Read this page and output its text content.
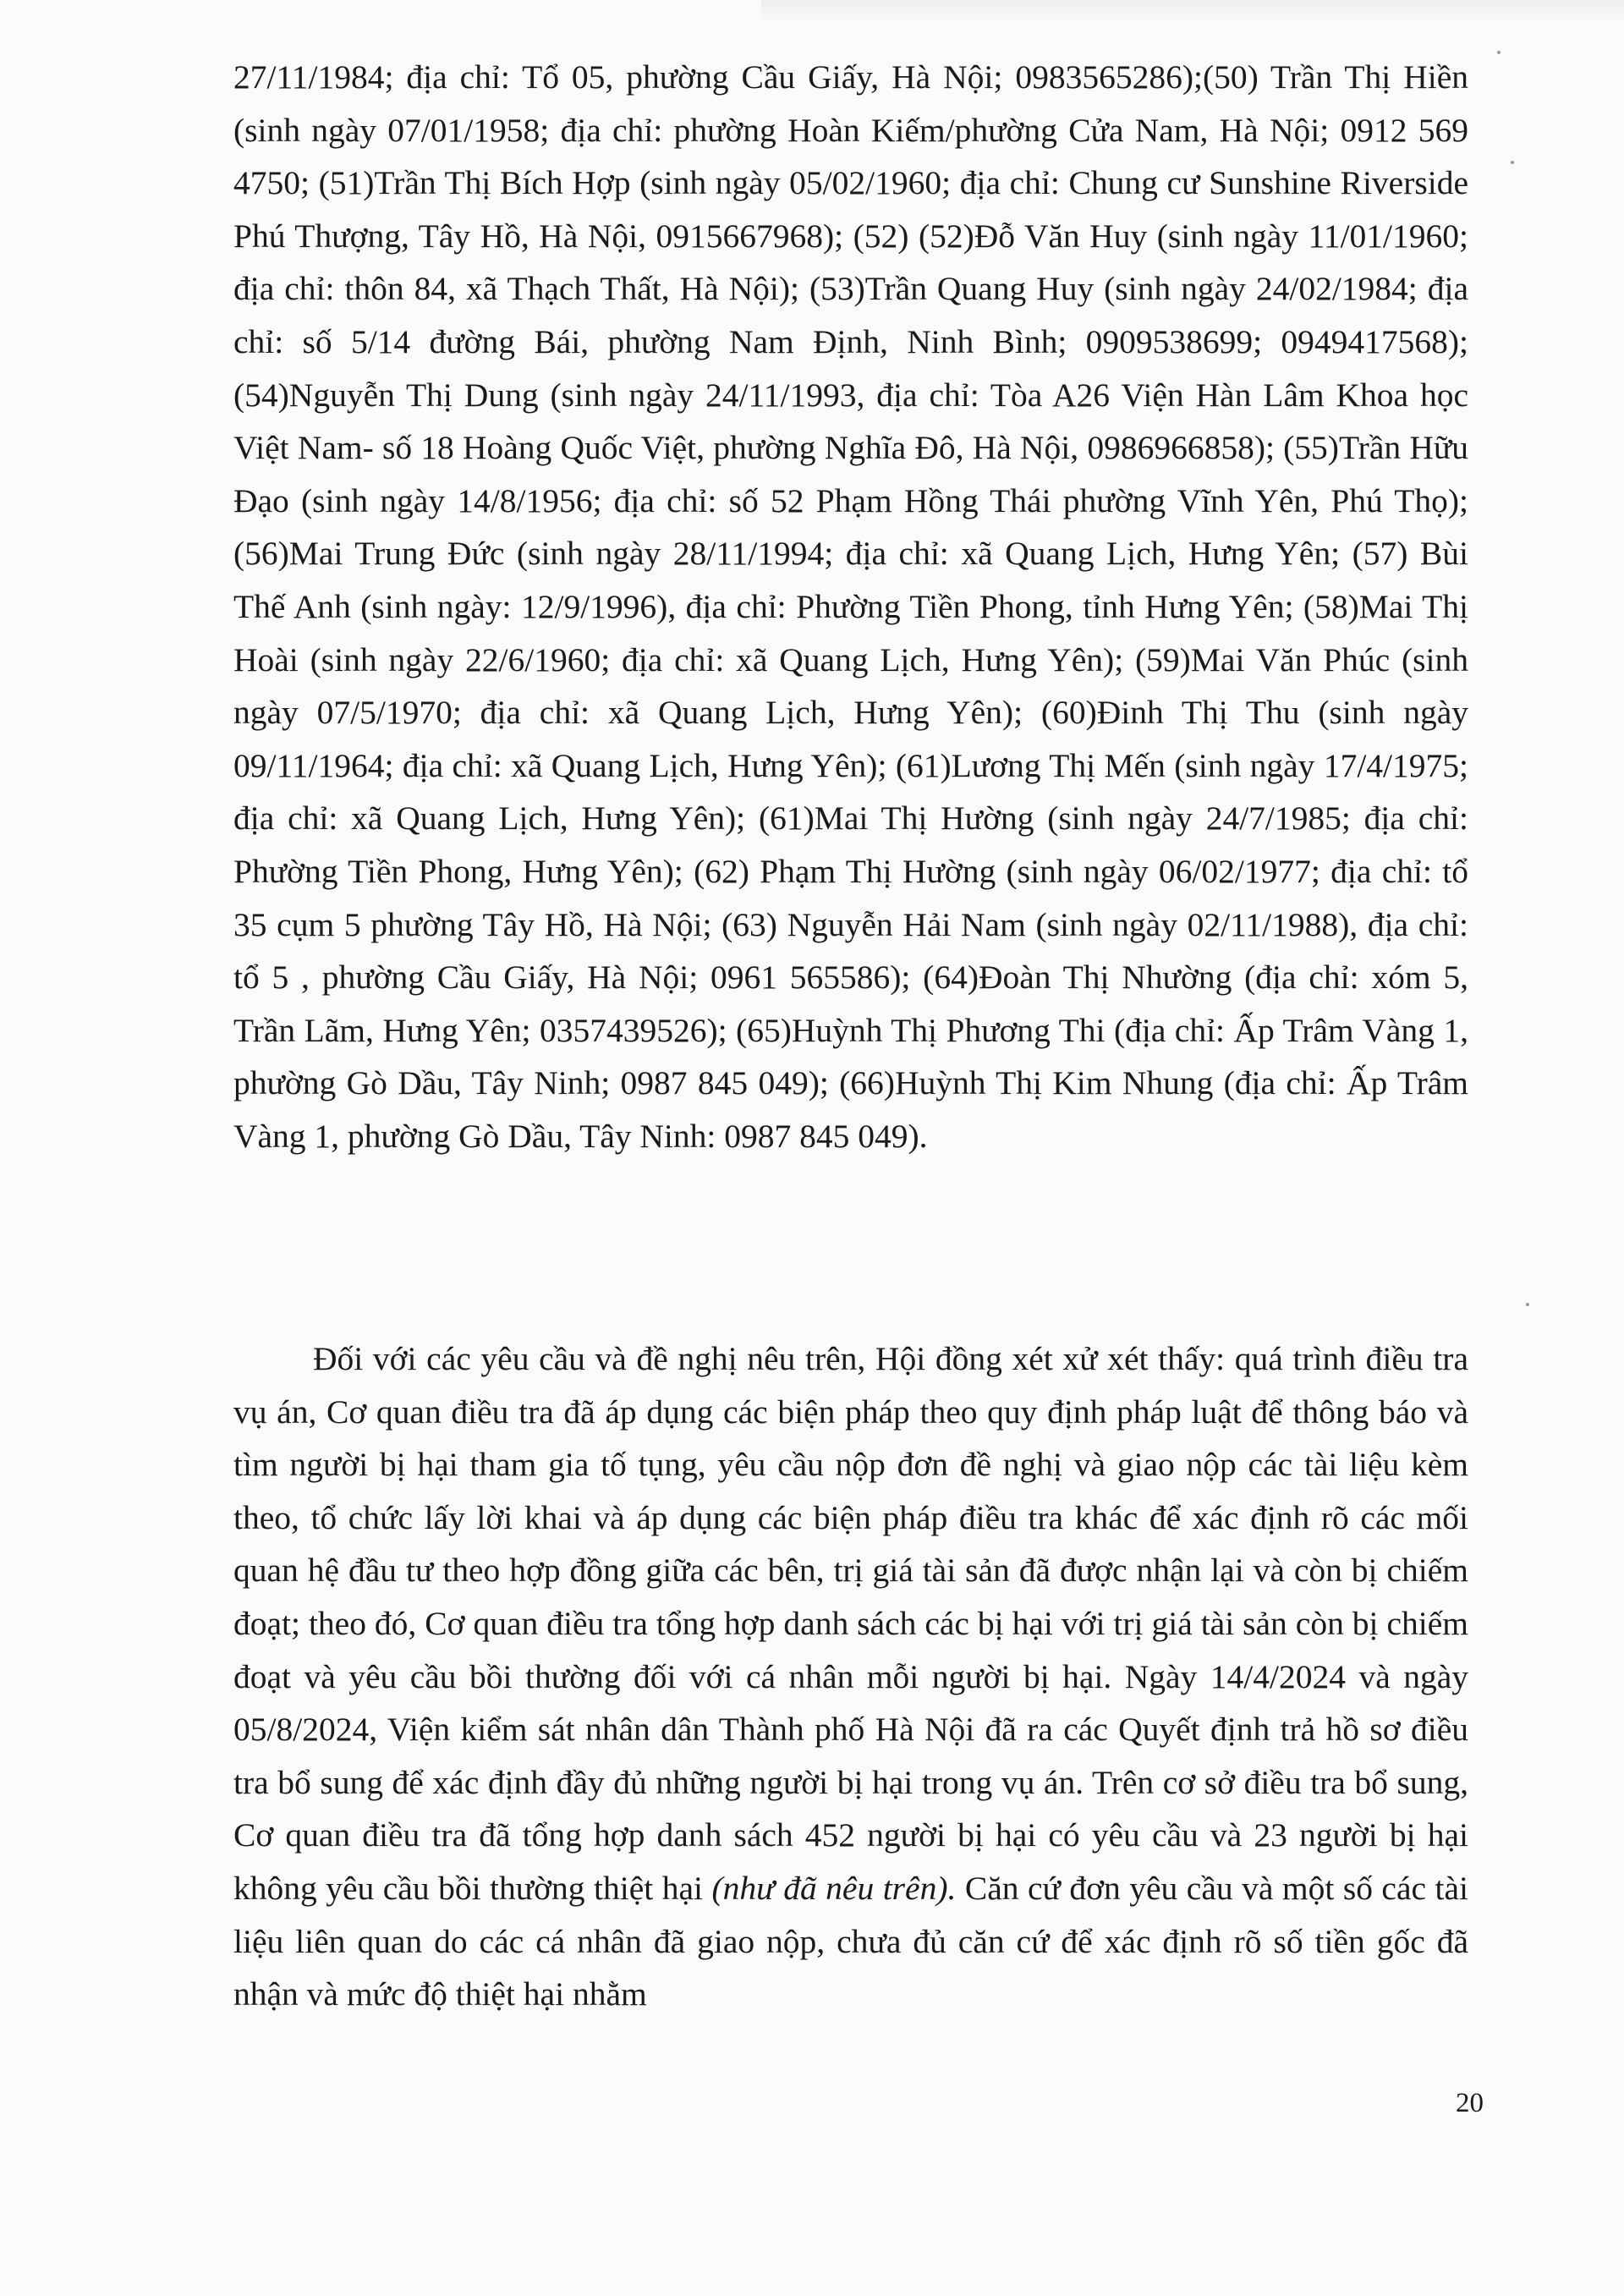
27/11/1984; địa chỉ: Tổ 05, phường Cầu Giấy, Hà Nội; 0983565286);(50) Trần Thị Hiền (sinh ngày 07/01/1958; địa chỉ: phường Hoàn Kiếm/phường Cửa Nam, Hà Nội; 0912 569 4750; (51)Trần Thị Bích Hợp (sinh ngày 05/02/1960; địa chỉ: Chung cư Sunshine Riverside Phú Thượng, Tây Hồ, Hà Nội, 0915667968); (52) (52)Đỗ Văn Huy (sinh ngày 11/01/1960; địa chỉ: thôn 84, xã Thạch Thất, Hà Nội); (53)Trần Quang Huy (sinh ngày 24/02/1984; địa chỉ: số 5/14 đường Bái, phường Nam Định, Ninh Bình; 0909538699; 0949417568); (54)Nguyễn Thị Dung (sinh ngày 24/11/1993, địa chỉ: Tòa A26 Viện Hàn Lâm Khoa học Việt Nam- số 18 Hoàng Quốc Việt, phường Nghĩa Đô, Hà Nội, 0986966858); (55)Trần Hữu Đạo (sinh ngày 14/8/1956; địa chỉ: số 52 Phạm Hồng Thái phường Vĩnh Yên, Phú Thọ); (56)Mai Trung Đức (sinh ngày 28/11/1994; địa chỉ: xã Quang Lịch, Hưng Yên; (57) Bùi Thế Anh (sinh ngày: 12/9/1996), địa chỉ: Phường Tiền Phong, tỉnh Hưng Yên; (58)Mai Thị Hoài (sinh ngày 22/6/1960; địa chỉ: xã Quang Lịch, Hưng Yên); (59)Mai Văn Phúc (sinh ngày 07/5/1970; địa chỉ: xã Quang Lịch, Hưng Yên); (60)Đinh Thị Thu (sinh ngày 09/11/1964; địa chỉ: xã Quang Lịch, Hưng Yên); (61)Lương Thị Mến (sinh ngày 17/4/1975; địa chỉ: xã Quang Lịch, Hưng Yên); (61)Mai Thị Hường (sinh ngày 24/7/1985; địa chỉ: Phường Tiền Phong, Hưng Yên); (62) Phạm Thị Hường (sinh ngày 06/02/1977; địa chỉ: tổ 35 cụm 5 phường Tây Hồ, Hà Nội; (63) Nguyễn Hải Nam (sinh ngày 02/11/1988), địa chỉ: tổ 5 , phường Cầu Giấy, Hà Nội; 0961 565586); (64)Đoàn Thị Nhường (địa chỉ: xóm 5, Trần Lãm, Hưng Yên; 0357439526); (65)Huỳnh Thị Phương Thi (địa chỉ: Ấp Trâm Vàng 1, phường Gò Dầu, Tây Ninh; 0987 845 049); (66)Huỳnh Thị Kim Nhung (địa chỉ: Ấp Trâm Vàng 1, phường Gò Dầu, Tây Ninh: 0987 845 049).
Đối với các yêu cầu và đề nghị nêu trên, Hội đồng xét xử xét thấy: quá trình điều tra vụ án, Cơ quan điều tra đã áp dụng các biện pháp theo quy định pháp luật để thông báo và tìm người bị hại tham gia tố tụng, yêu cầu nộp đơn đề nghị và giao nộp các tài liệu kèm theo, tổ chức lấy lời khai và áp dụng các biện pháp điều tra khác để xác định rõ các mối quan hệ đầu tư theo hợp đồng giữa các bên, trị giá tài sản đã được nhận lại và còn bị chiếm đoạt; theo đó, Cơ quan điều tra tổng hợp danh sách các bị hại với trị giá tài sản còn bị chiếm đoạt và yêu cầu bồi thường đối với cá nhân mỗi người bị hại. Ngày 14/4/2024 và ngày 05/8/2024, Viện kiểm sát nhân dân Thành phố Hà Nội đã ra các Quyết định trả hồ sơ điều tra bổ sung để xác định đầy đủ những người bị hại trong vụ án. Trên cơ sở điều tra bổ sung, Cơ quan điều tra đã tổng hợp danh sách 452 người bị hại có yêu cầu và 23 người bị hại không yêu cầu bồi thường thiệt hại (như đã nêu trên). Căn cứ đơn yêu cầu và một số các tài liệu liên quan do các cá nhân đã giao nộp, chưa đủ căn cứ để xác định rõ số tiền gốc đã nhận và mức độ thiệt hại nhằm
20
